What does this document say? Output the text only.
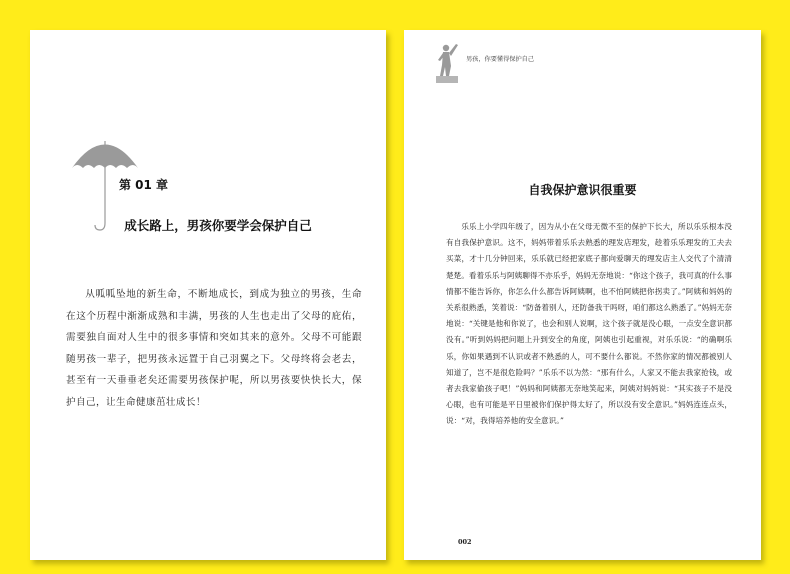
第 01 章

成长路上，男孩你要学会保护自己

从呱呱坠地的新生命，不断地成长，到成为独立的男孩，生命在这个历程中渐渐成熟和丰满，男孩的人生也走出了父母的庇佑，需要独自面对人生中的很多事情和突如其来的意外。父母不可能跟随男孩一辈子，把男孩永远置于自己羽翼之下。父母终将会老去，甚至有一天垂垂老矣还需要男孩保护呢，所以男孩要快快长大，保护自己，让生命健康茁壮成长！

男孩，你要懂得保护自己

自我保护意识很重要

乐乐上小学四年级了，因为从小在父母无微不至的保护下长大，所以乐乐根本没有自我保护意识。这不，妈妈带着乐乐去熟悉的理发店理发，趁着乐乐理发的工夫去买菜，才十几分钟回来，乐乐就已经把家底子都向爱聊天的理发店主人交代了个清清楚楚。看着乐乐与阿姨聊得不亦乐乎，妈妈无奈地说：“你这个孩子，我可真的什么事情都不能告诉你，你怎么什么都告诉阿姨啊，也不怕阿姨把你拐卖了。”阿姨和妈妈的关系很熟悉，笑着说：“防备着别人，还防备我干吗呀，咱们都这么熟悉了。”妈妈无奈地说：“关键是他和你说了，也会和别人说啊，这个孩子就是没心眼，一点安全意识都没有。”听到妈妈把问题上升到安全的角度，阿姨也引起重视，对乐乐说：“的确啊乐乐，你如果遇到不认识或者不熟悉的人，可不要什么都说。不然你家的情况都被别人知道了，岂不是很危险吗？”乐乐不以为然：“那有什么，人家又不能去我家抢钱，或者去我家偷孩子吧！”妈妈和阿姨都无奈地笑起来，阿姨对妈妈说：“其实孩子不是没心眼，也有可能是平日里被你们保护得太好了，所以没有安全意识。”妈妈连连点头，说：“对，我得培养他的安全意识。”

002
